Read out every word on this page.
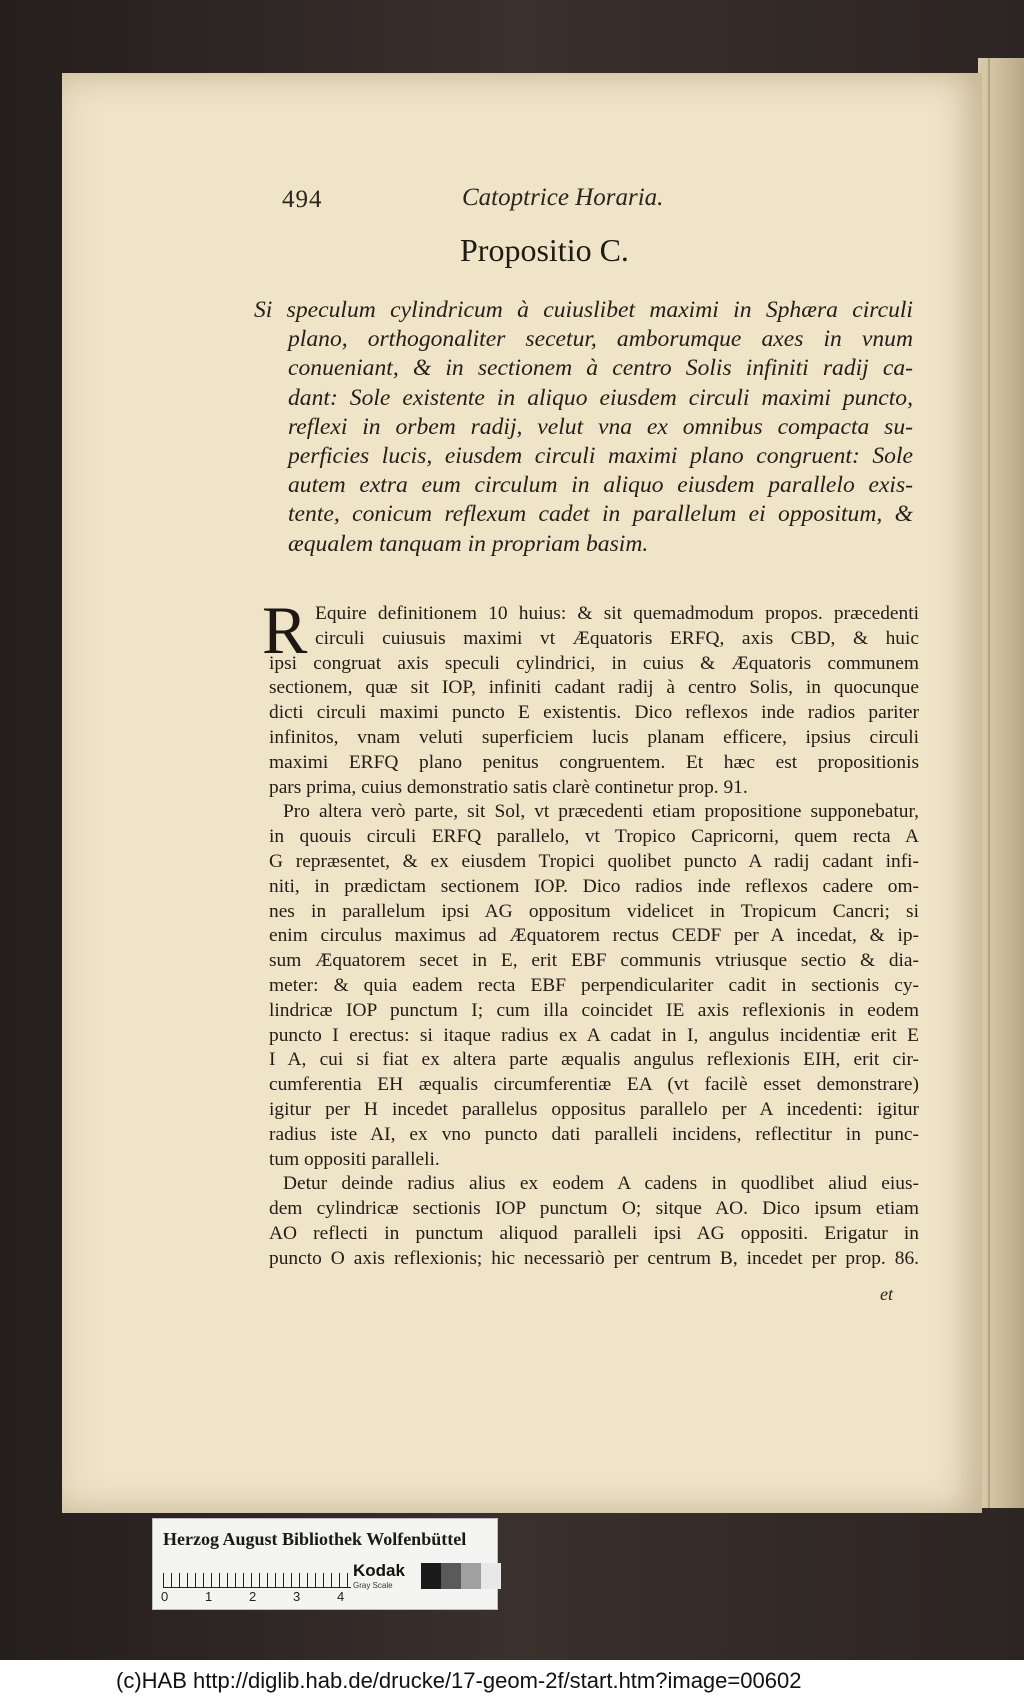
494	Catoptrice Horaria.
Propositio C.
Si speculum cylindricum à cuiuslibet maximi in Sphæra circuli
plano, orthogonaliter secetur, amborumque axes in vnum
conueniant, & in sectionem à centro Solis infiniti radij ca-
dant: Sole existente in aliquo eiusdem circuli maximi puncto,
reflexi in orbem radij, velut vna ex omnibus compacta su-
perficies lucis, eiusdem circuli maximi plano congruent: Sole
autem extra eum circulum in aliquo eiusdem parallelo exis-
tente, conicum reflexum cadet in parallelum ei oppositum, &
æqualem tanquam in propriam basim.
R Equire definitionem 10 huius: & sit quemadmodum propos. præcedenti
circuli cuiusuis maximi vt Æquatoris ERFQ, axis CBD, & huic
ipsi congruat axis speculi cylindrici, in cuius & Æquatoris communem
sectionem, quæ sit IOP, infiniti cadant radij à centro Solis, in quocunque
dicti circuli maximi puncto E existentis. Dico reflexos inde radios pariter
infinitos, vnam veluti superficiem lucis planam efficere, ipsius circuli
maximi ERFQ plano penitus congruentem. Et hæc est propositionis
pars prima, cuius demonstratio satis clarè continetur prop. 91.
Pro altera verò parte, sit Sol, vt præcedenti etiam propositione supponebatur,
in quouis circuli ERFQ parallelo, vt Tropico Capricorni, quem recta A
G repræsentet, & ex eiusdem Tropici quolibet puncto A radij cadant infi-
niti, in prædictam sectionem IOP. Dico radios inde reflexos cadere om-
nes in parallelum ipsi AG oppositum videlicet in Tropicum Cancri; si
enim circulus maximus ad Æquatorem rectus CEDF per A incedat, & ip-
sum Æquatorem secet in E, erit EBF communis vtriusque sectio & dia-
meter: & quia eadem recta EBF perpendiculariter cadit in sectionis cy-
lindricæ IOP punctum I; cum illa coincidet IE axis reflexionis in eodem
puncto I erectus: si itaque radius ex A cadat in I, angulus incidentiæ erit E
I A, cui si fiat ex altera parte æqualis angulus reflexionis EIH, erit cir-
cumferentia EH æqualis circumferentiæ EA (vt facilè esset demonstrare)
igitur per H incedet parallelus oppositus parallelo per A incedenti: igitur
radius iste AI, ex vno puncto dati paralleli incidens, reflectitur in punc-
tum oppositi paralleli.
Detur deinde radius alius ex eodem A cadens in quodlibet aliud eius-
dem cylindricæ sectionis IOP punctum O; sitque AO. Dico ipsum etiam
AO reflecti in punctum aliquod paralleli ipsi AG oppositi. Erigatur in
puncto O axis reflexionis; hic necessariò per centrum B, incedet per prop. 86.
et
Herzog August Bibliothek Wolfenbüttel
0	1	2	3	4
Kodak
Gray Scale
(c)HAB http://diglib.hab.de/drucke/17-geom-2f/start.htm?image=00602
